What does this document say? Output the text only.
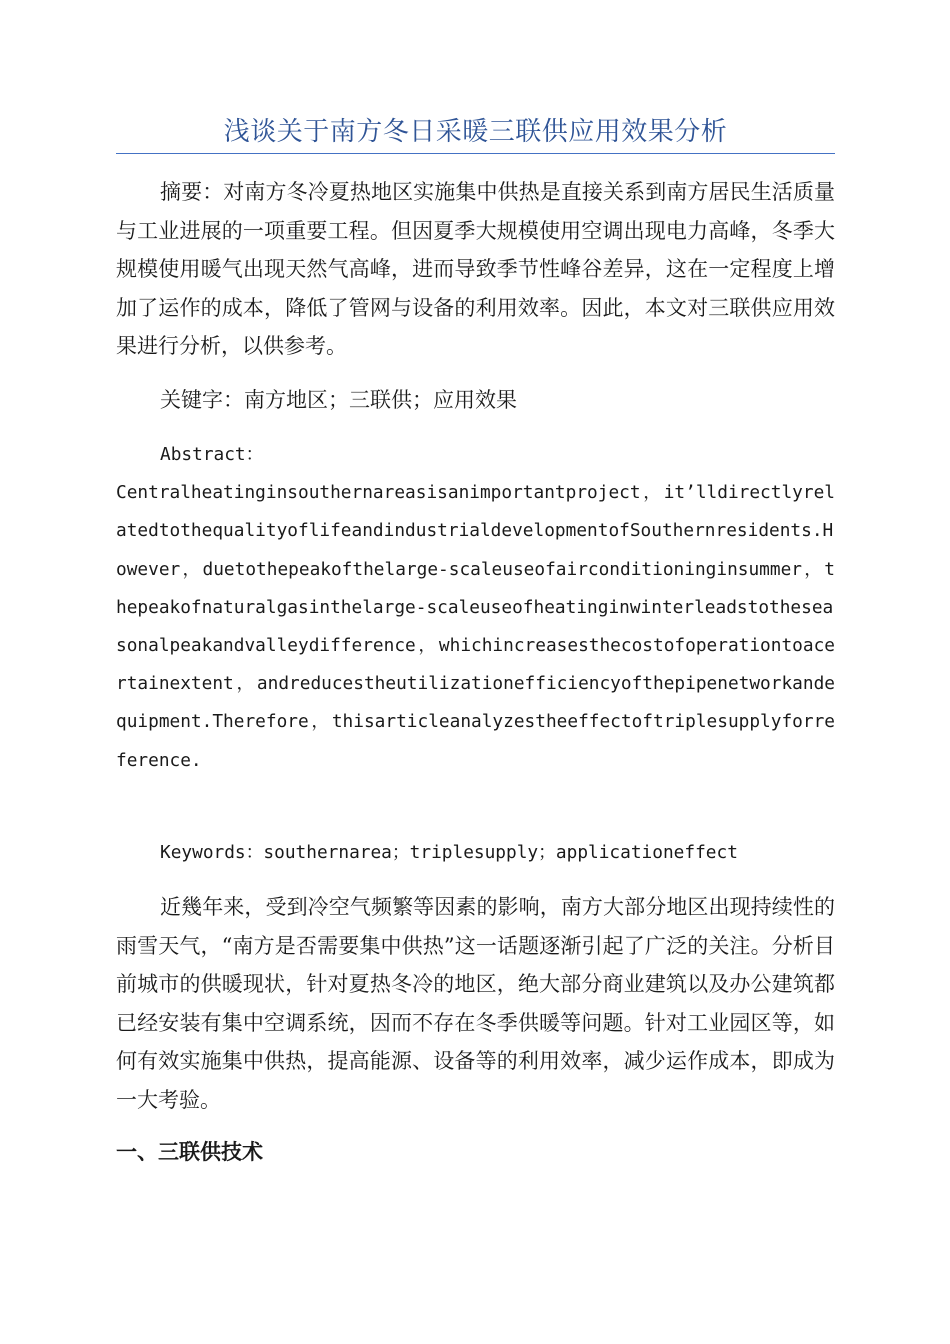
浅谈关于南方冬日采暖三联供应用效果分析

摘要：对南方冬冷夏热地区实施集中供热是直接关系到南方居民生活质量与工业进展的一项重要工程。但因夏季大规模使用空调出现电力高峰，冬季大规模使用暖气出现天然气高峰，进而导致季节性峰谷差异，这在一定程度上增加了运作的成本，降低了管网与设备的利用效率。因此，本文对三联供应用效果进行分析，以供参考。

关键字：南方地区；三联供；应用效果

Abstract：
Centralheatinginsouthernareasisanimportantproject，it’lldirectlyrelatedtothequalityoflifeandindustrialdevelopmentofSouthernresidents.However，duetothepeakofthelarge-scaleuseofairconditioninginsummer，thepeakofnaturalgasinthelarge-scaleuseofheatinginwinterleadstotheseasonalpeakandvalleydifference，whichincreasesthecostofoperationtoacertainextent，andreducestheutilizationefficiencyofthepipenetworkandequipment.Therefore，thisarticleanalyzestheeffectoftriplesupplyforreference.

Keywords：southernarea；triplesupply；applicationeffect

近幾年来，受到冷空气频繁等因素的影响，南方大部分地区出现持续性的雨雪天气，“南方是否需要集中供热”这一话题逐渐引起了广泛的关注。分析目前城市的供暖现状，针对夏热冬冷的地区，绝大部分商业建筑以及办公建筑都已经安装有集中空调系统，因而不存在冬季供暖等问题。针对工业园区等，如何有效实施集中供热，提高能源、设备等的利用效率，减少运作成本，即成为一大考验。

一、三联供技术
